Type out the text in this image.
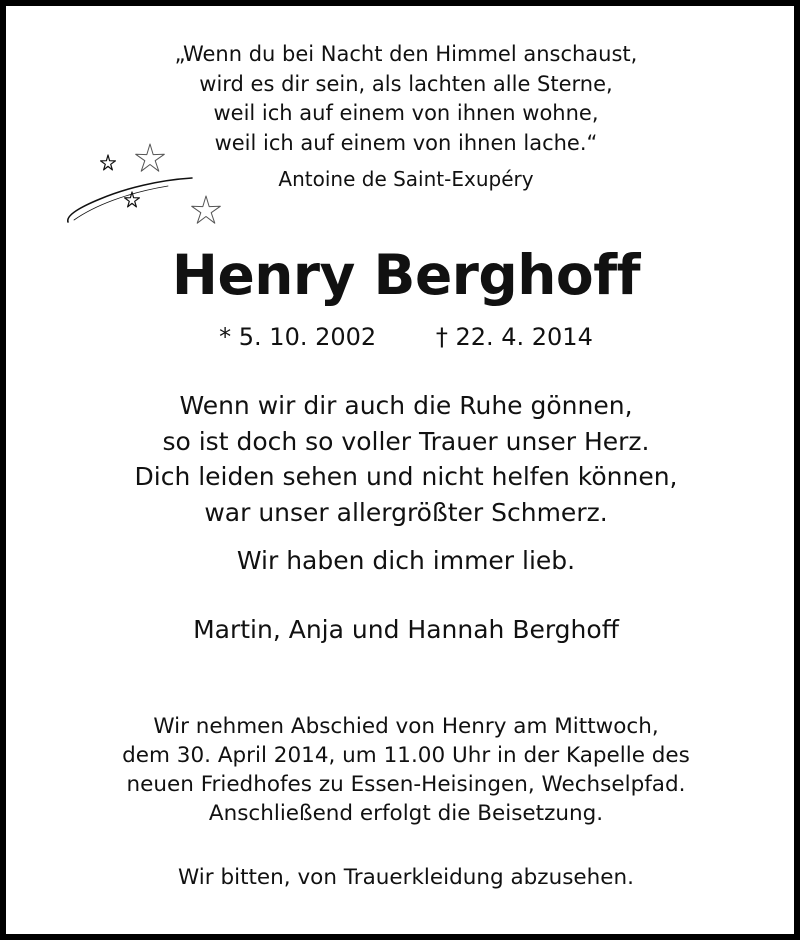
„Wenn du bei Nacht den Himmel anschaust,
wird es dir sein, als lachten alle Sterne,
weil ich auf einem von ihnen wohne,
weil ich auf einem von ihnen lache.“
Antoine de Saint-Exupéry
Henry Berghoff
* 5. 10. 2002 † 22. 4. 2014
Wenn wir dir auch die Ruhe gönnen,
so ist doch so voller Trauer unser Herz.
Dich leiden sehen und nicht helfen können,
war unser allergrößter Schmerz.
Wir haben dich immer lieb.
Martin, Anja und Hannah Berghoff
Wir nehmen Abschied von Henry am Mittwoch,
dem 30. April 2014, um 11.00 Uhr in der Kapelle des
neuen Friedhofes zu Essen-Heisingen, Wechselpfad.
Anschließend erfolgt die Beisetzung.
Wir bitten, von Trauerkleidung abzusehen.
